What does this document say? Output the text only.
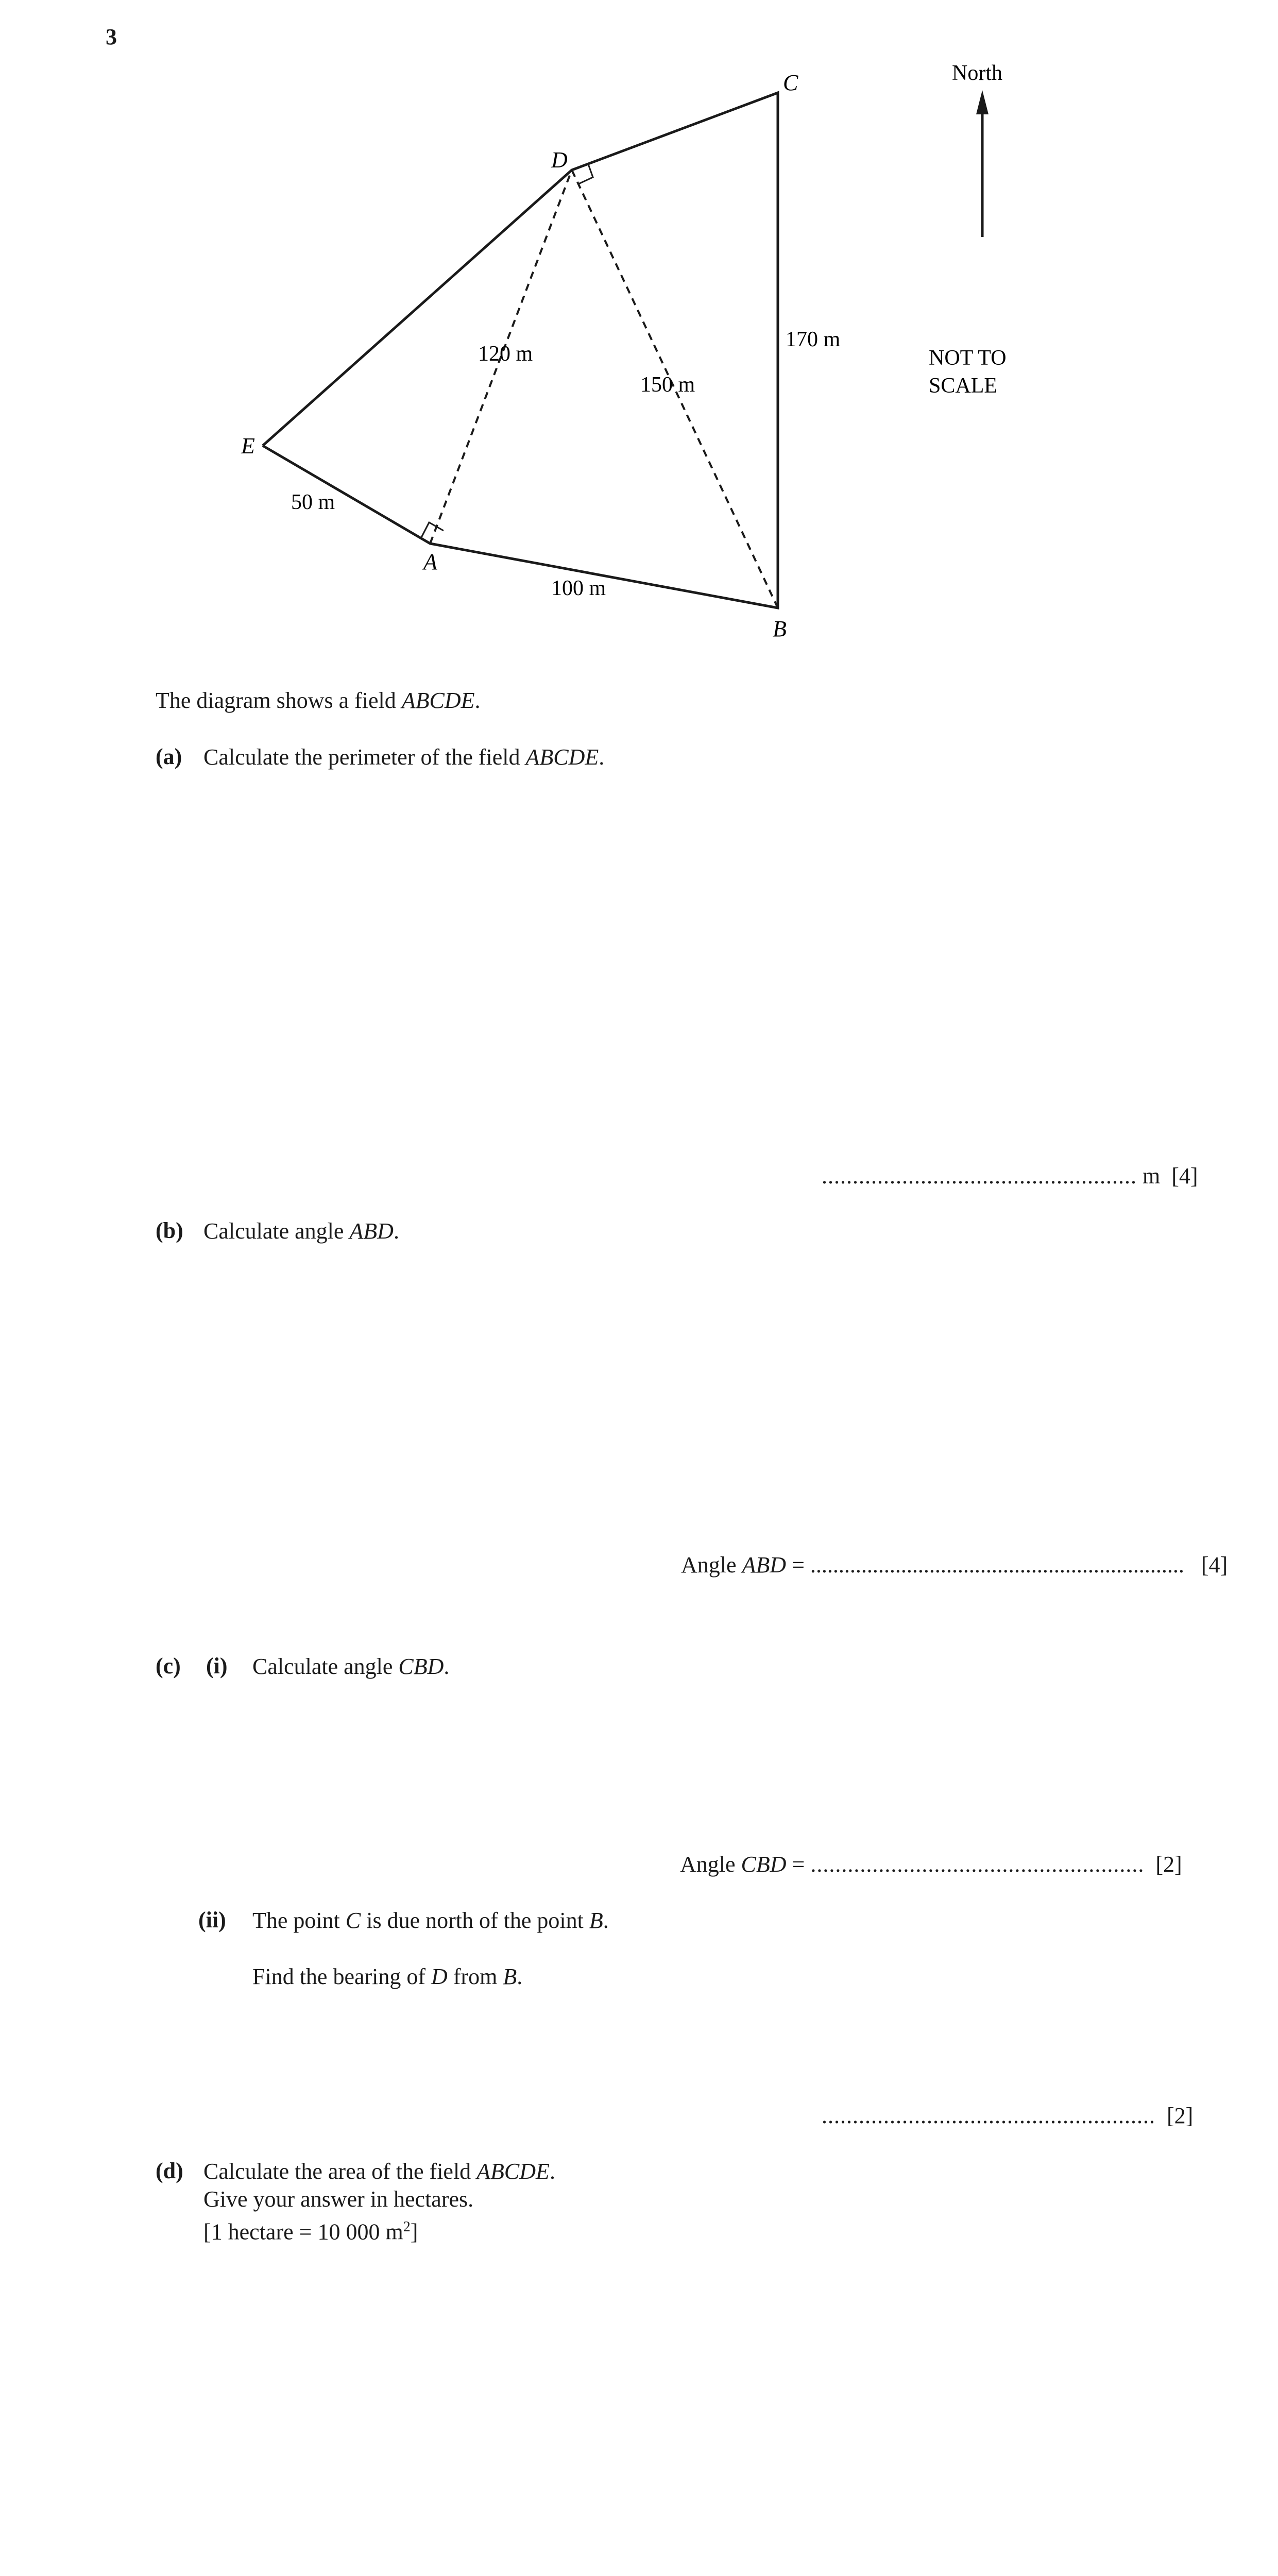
3
C
D
E
A
B
50 m
100 m
170 m
120 m
150 m
North
NOT TO
SCALE
The diagram shows a field ABCDE.
(a) Calculate the perimeter of the field ABCDE.
................................................... m [4]
(b) Calculate angle ABD.
Angle ABD = .................................................................. [4]
(c) (i) Calculate angle CBD.
Angle CBD = ...................................................... [2]
(ii) The point C is due north of the point B.
Find the bearing of D from B.
...................................................... [2]
(d) Calculate the area of the field ABCDE.
Give your answer in hectares.
[1 hectare = 10 000 $m^2$]
